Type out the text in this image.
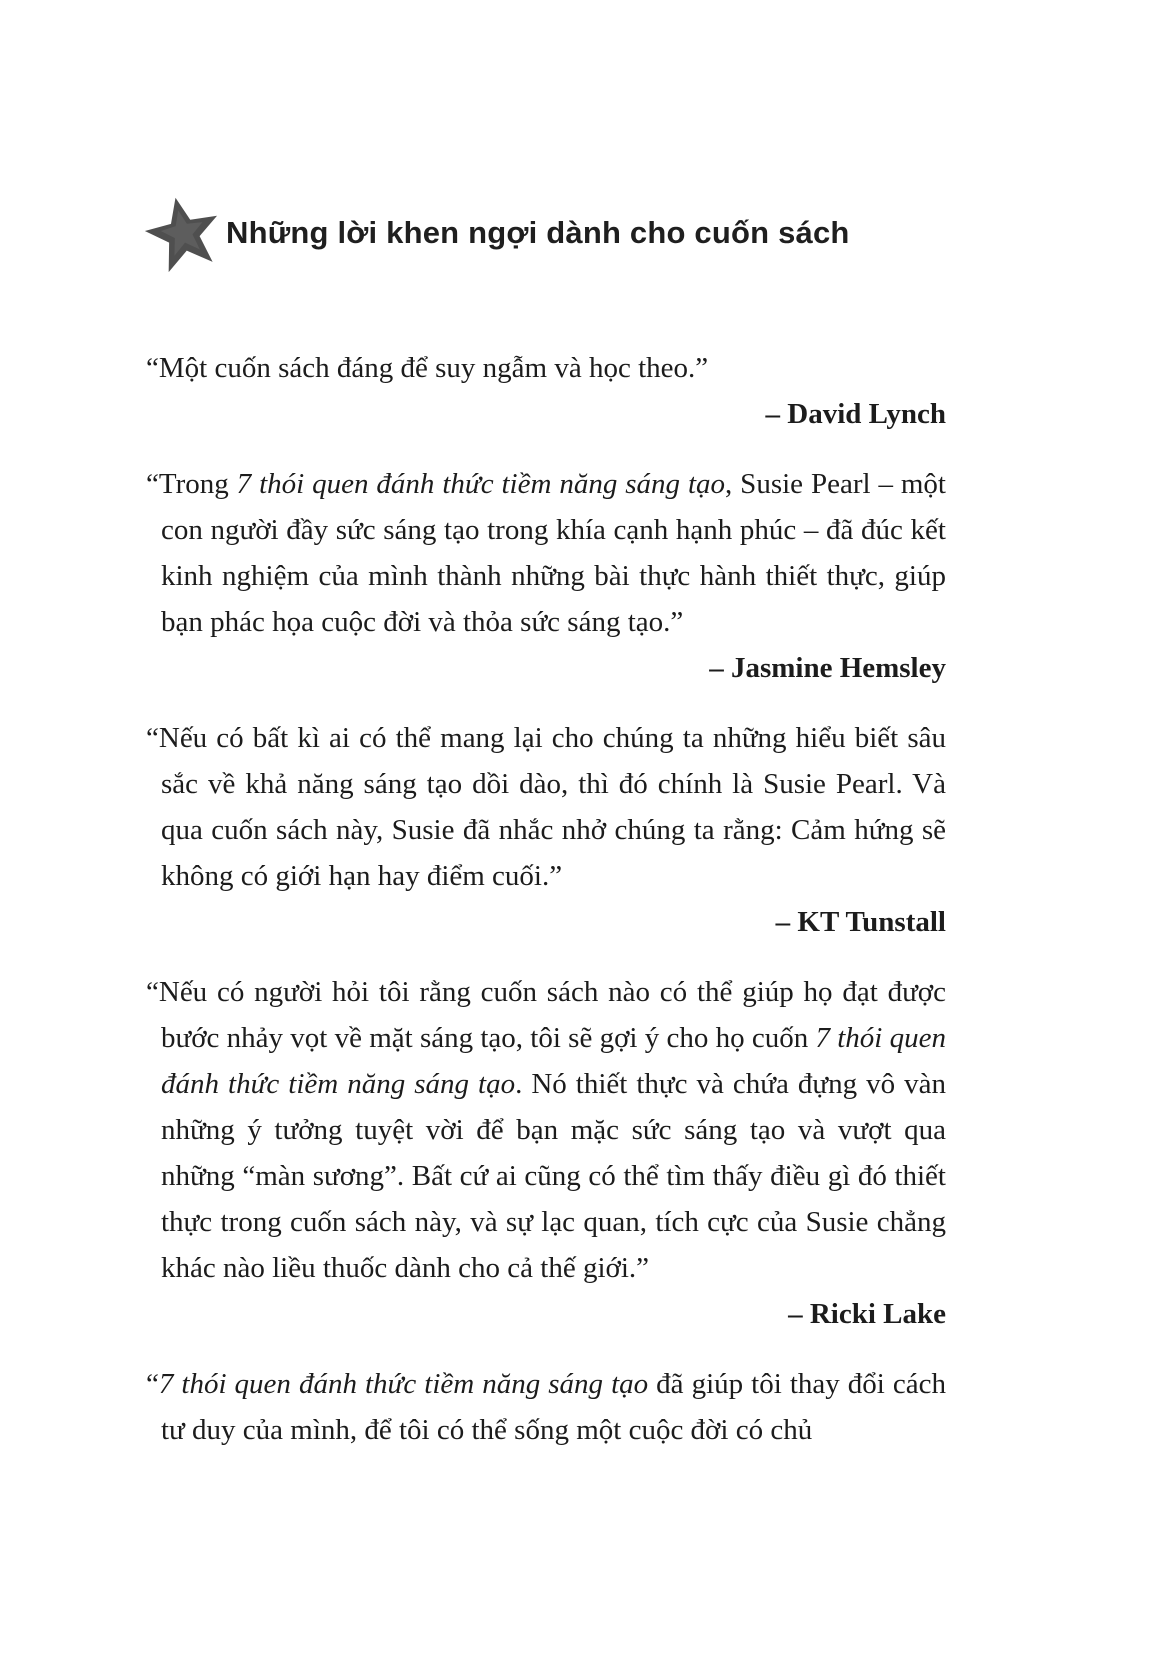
Những lời khen ngợi dành cho cuốn sách

“Một cuốn sách đáng để suy ngẫm và học theo.”

– David Lynch

“Trong 7 thói quen đánh thức tiềm năng sáng tạo, Susie Pearl – một con người đầy sức sáng tạo trong khía cạnh hạnh phúc – đã đúc kết kinh nghiệm của mình thành những bài thực hành thiết thực, giúp bạn phác họa cuộc đời và thỏa sức sáng tạo.”

– Jasmine Hemsley

“Nếu có bất kì ai có thể mang lại cho chúng ta những hiểu biết sâu sắc về khả năng sáng tạo dồi dào, thì đó chính là Susie Pearl. Và qua cuốn sách này, Susie đã nhắc nhở chúng ta rằng: Cảm hứng sẽ không có giới hạn hay điểm cuối.”

– KT Tunstall

“Nếu có người hỏi tôi rằng cuốn sách nào có thể giúp họ đạt được bước nhảy vọt về mặt sáng tạo, tôi sẽ gợi ý cho họ cuốn 7 thói quen đánh thức tiềm năng sáng tạo. Nó thiết thực và chứa đựng vô vàn những ý tưởng tuyệt vời để bạn mặc sức sáng tạo và vượt qua những “màn sương”. Bất cứ ai cũng có thể tìm thấy điều gì đó thiết thực trong cuốn sách này, và sự lạc quan, tích cực của Susie chẳng khác nào liều thuốc dành cho cả thế giới.”

– Ricki Lake

“7 thói quen đánh thức tiềm năng sáng tạo đã giúp tôi thay đổi cách tư duy của mình, để tôi có thể sống một cuộc đời có chủ
